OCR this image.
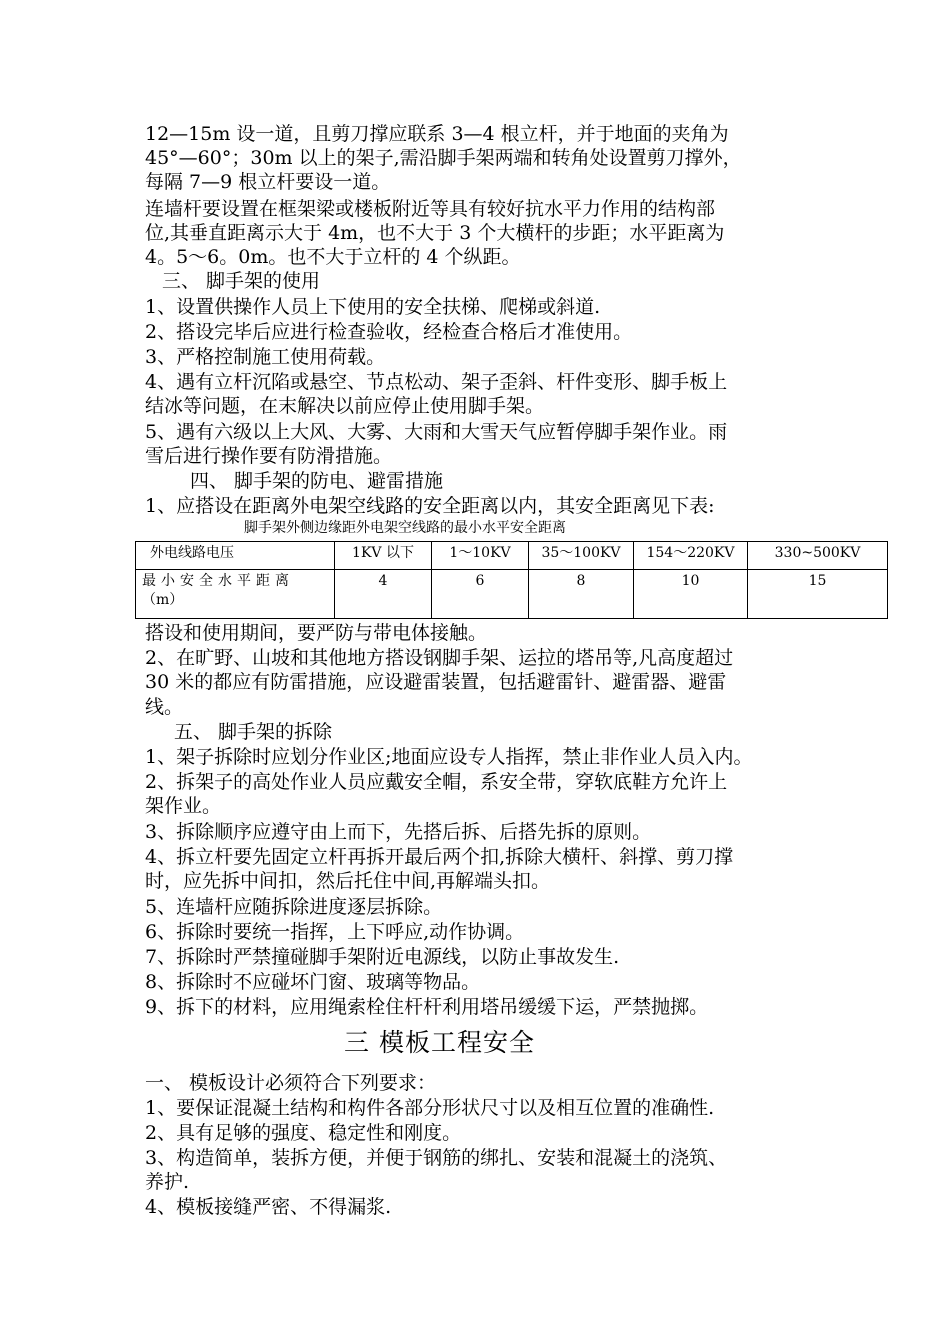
12—15m 设一道，且剪刀撑应联系 3—4 根立杆，并于地面的夹角为
45°—60°；30m 以上的架子,需沿脚手架两端和转角处设置剪刀撑外，
每隔 7—9 根立杆要设一道。
连墙杆要设置在框架梁或楼板附近等具有较好抗水平力作用的结构部
位,其垂直距离示大于 4m，也不大于 3 个大横杆的步距；水平距离为
4。5～6。0m。也不大于立杆的 4 个纵距。
三、 脚手架的使用
1、设置供操作人员上下使用的安全扶梯、爬梯或斜道.
2、搭设完毕后应进行检查验收，经检查合格后才准使用。
3、严格控制施工使用荷载。
4、遇有立杆沉陷或悬空、节点松动、架子歪斜、杆件变形、脚手板上
结冰等问题，在末解决以前应停止使用脚手架。
5、遇有六级以上大风、大雾、大雨和大雪天气应暂停脚手架作业。雨
雪后进行操作要有防滑措施。
四、 脚手架的防电、避雷措施
1、应搭设在距离外电架空线路的安全距离以内，其安全距离见下表:
脚手架外侧边缘距外电架空线路的最小水平安全距离
外电线路电压	1KV 以下	1～10KV	35～100KV	154～220KV	330~500KV
最小安全水平距离
（m）	4	6	8	10	15
搭设和使用期间，要严防与带电体接触。
2、在旷野、山坡和其他地方搭设钢脚手架、运拉的塔吊等,凡高度超过
30 米的都应有防雷措施，应设避雷装置，包括避雷针、避雷器、避雷
线。
五、 脚手架的拆除
1、架子拆除时应划分作业区;地面应设专人指挥，禁止非作业人员入内。
2、拆架子的高处作业人员应戴安全帽，系安全带，穿软底鞋方允许上
架作业。
3、拆除顺序应遵守由上而下，先搭后拆、后搭先拆的原则。
4、拆立杆要先固定立杆再拆开最后两个扣,拆除大横杆、斜撑、剪刀撑
时，应先拆中间扣，然后托住中间,再解端头扣。
5、连墙杆应随拆除进度逐层拆除。
6、拆除时要统一指挥，上下呼应,动作协调。
7、拆除时严禁撞碰脚手架附近电源线，以防止事故发生.
8、拆除时不应碰坏门窗、玻璃等物品。
9、拆下的材料，应用绳索栓住杆杆利用塔吊缓缓下运，严禁抛掷。
三 模板工程安全
一、 模板设计必须符合下列要求：
1、要保证混凝土结构和构件各部分形状尺寸以及相互位置的准确性.
2、具有足够的强度、稳定性和刚度。
3、构造简单，装拆方便，并便于钢筋的绑扎、安装和混凝土的浇筑、
养护.
4、模板接缝严密、不得漏浆.
